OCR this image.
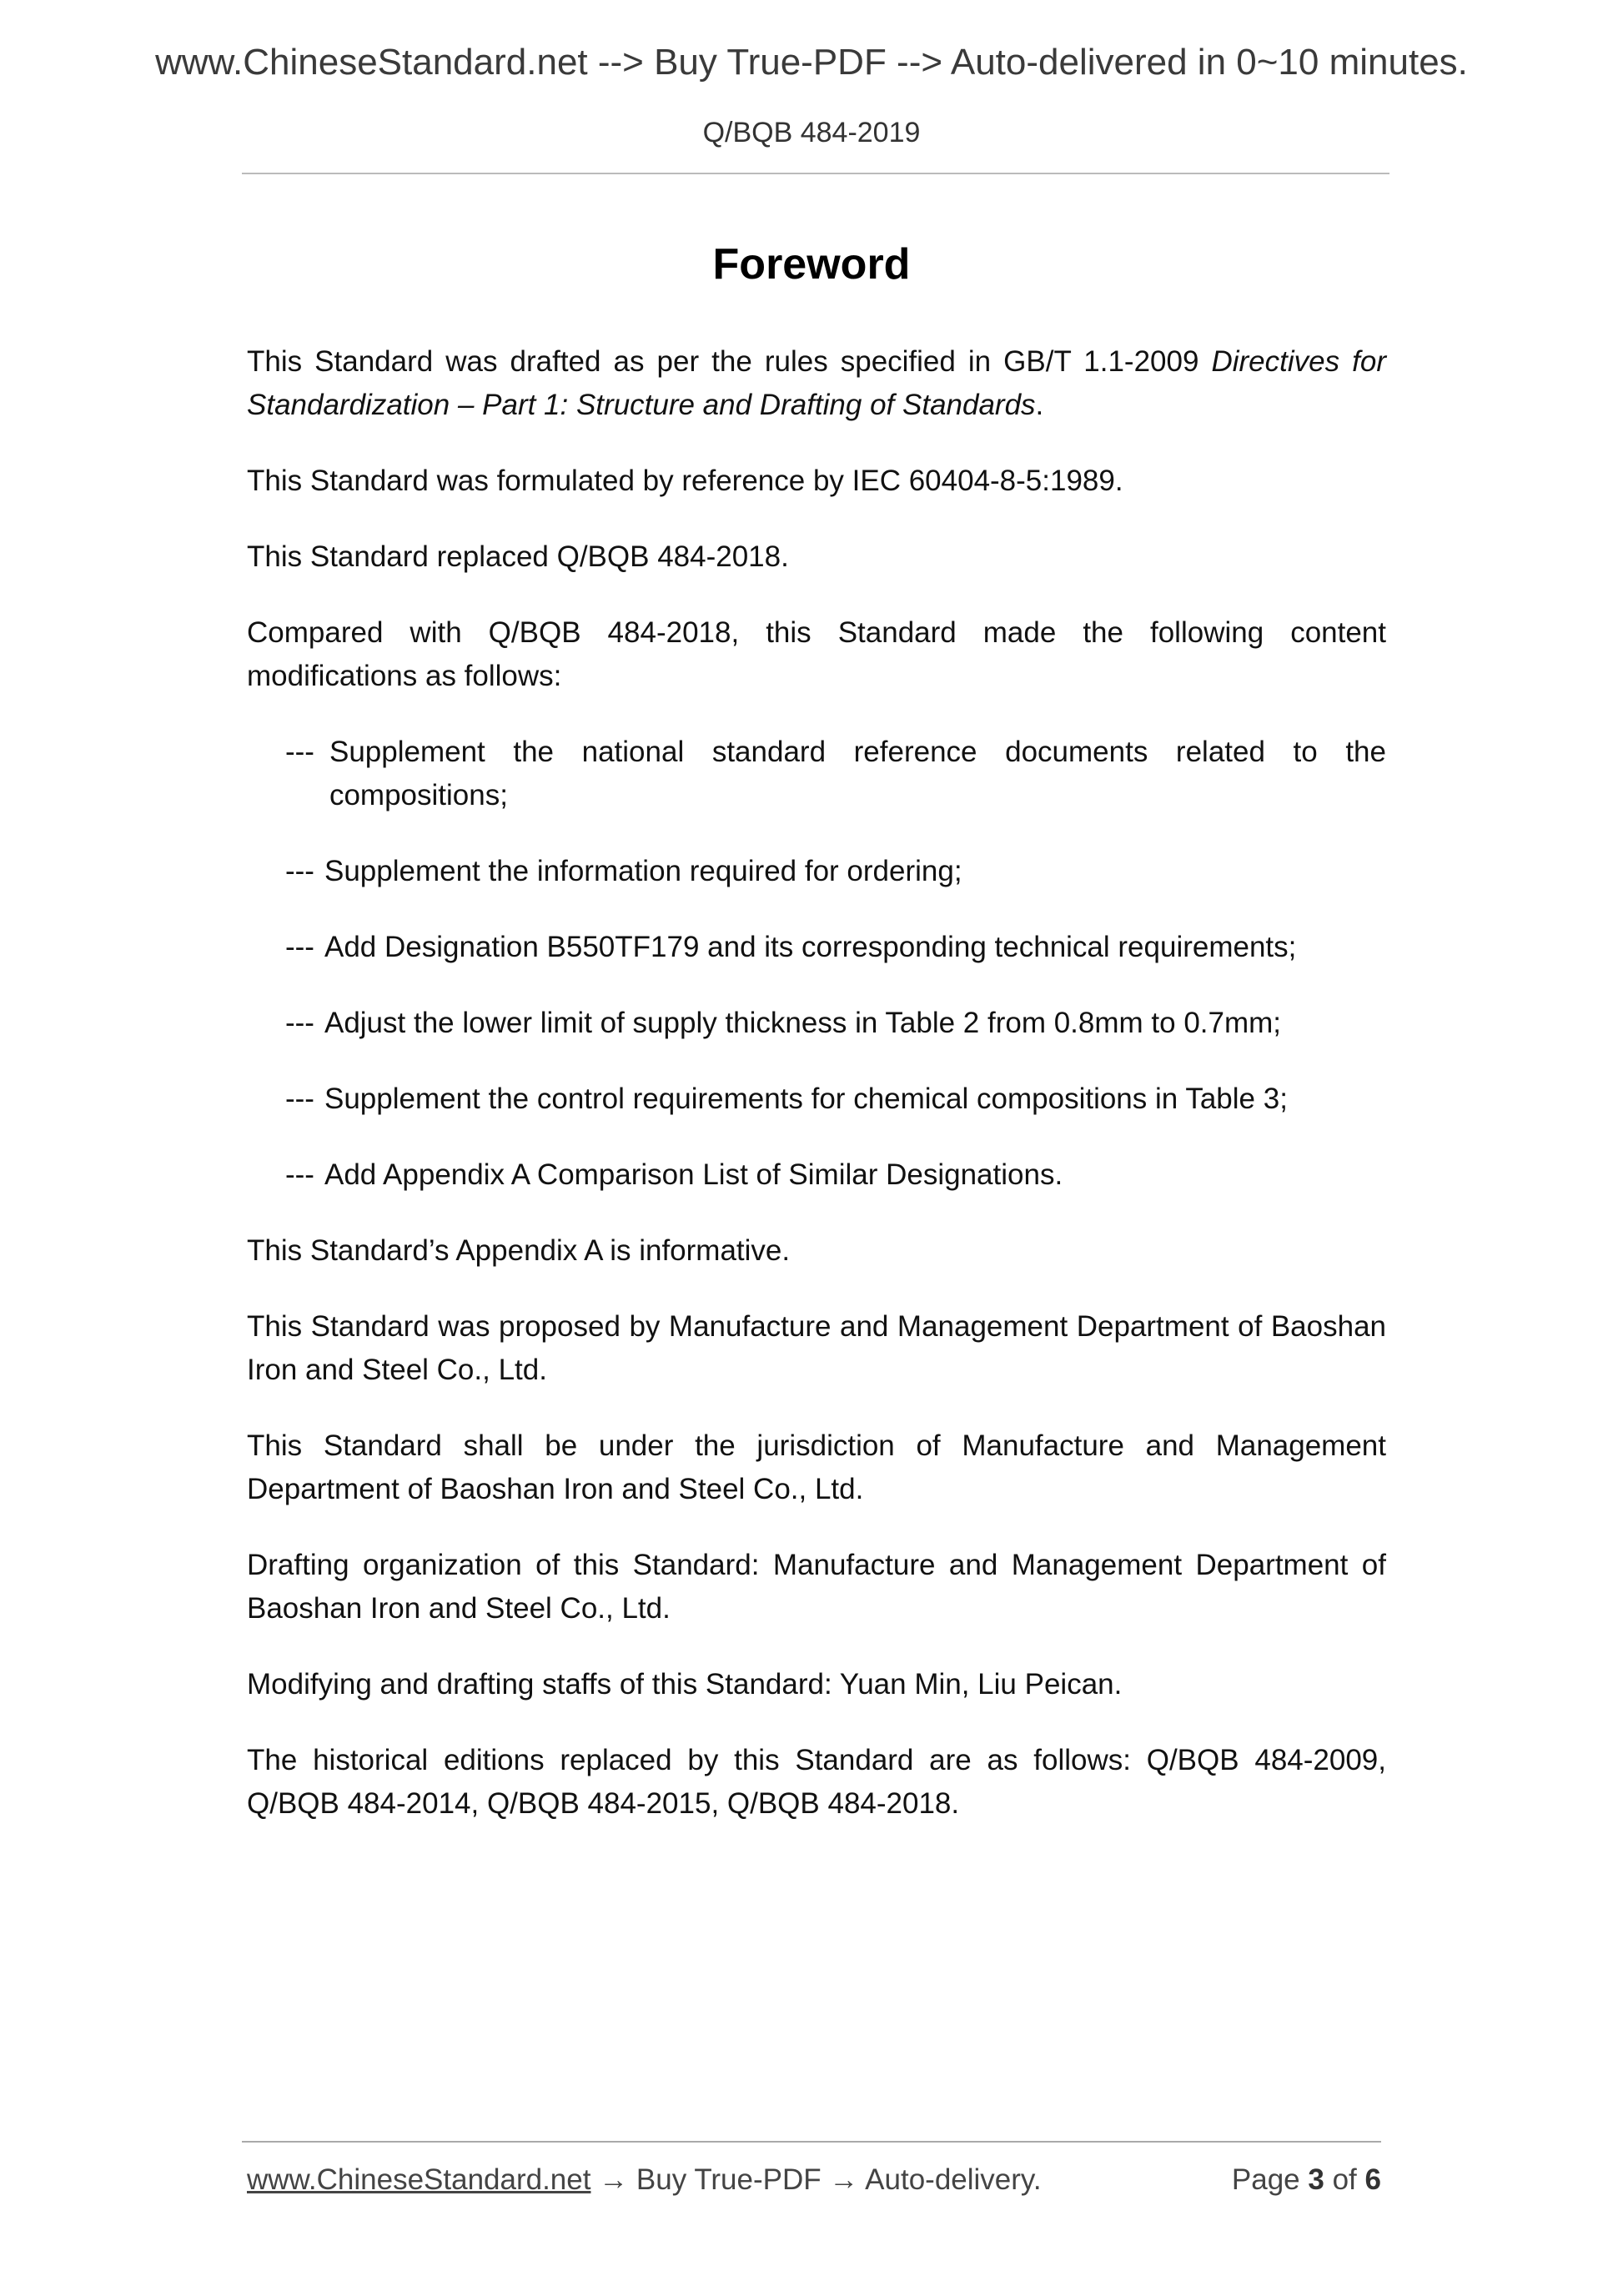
www.ChineseStandard.net --> Buy True-PDF --> Auto-delivered in 0~10 minutes.
Q/BQB 484-2019
Foreword

This Standard was drafted as per the rules specified in GB/T 1.1-2009 Directives for Standardization – Part 1: Structure and Drafting of Standards.

This Standard was formulated by reference by IEC 60404-8-5:1989.

This Standard replaced Q/BQB 484-2018.

Compared with Q/BQB 484-2018, this Standard made the following content modifications as follows:

--- Supplement the national standard reference documents related to the compositions;
--- Supplement the information required for ordering;
--- Add Designation B550TF179 and its corresponding technical requirements;
--- Adjust the lower limit of supply thickness in Table 2 from 0.8mm to 0.7mm;
--- Supplement the control requirements for chemical compositions in Table 3;
--- Add Appendix A Comparison List of Similar Designations.

This Standard’s Appendix A is informative.

This Standard was proposed by Manufacture and Management Department of Baoshan Iron and Steel Co., Ltd.

This Standard shall be under the jurisdiction of Manufacture and Management Department of Baoshan Iron and Steel Co., Ltd.

Drafting organization of this Standard: Manufacture and Management Department of Baoshan Iron and Steel Co., Ltd.

Modifying and drafting staffs of this Standard: Yuan Min, Liu Peican.

The historical editions replaced by this Standard are as follows: Q/BQB 484-2009, Q/BQB 484-2014, Q/BQB 484-2015, Q/BQB 484-2018.

www.ChineseStandard.net → Buy True-PDF → Auto-delivery.	Page 3 of 6
